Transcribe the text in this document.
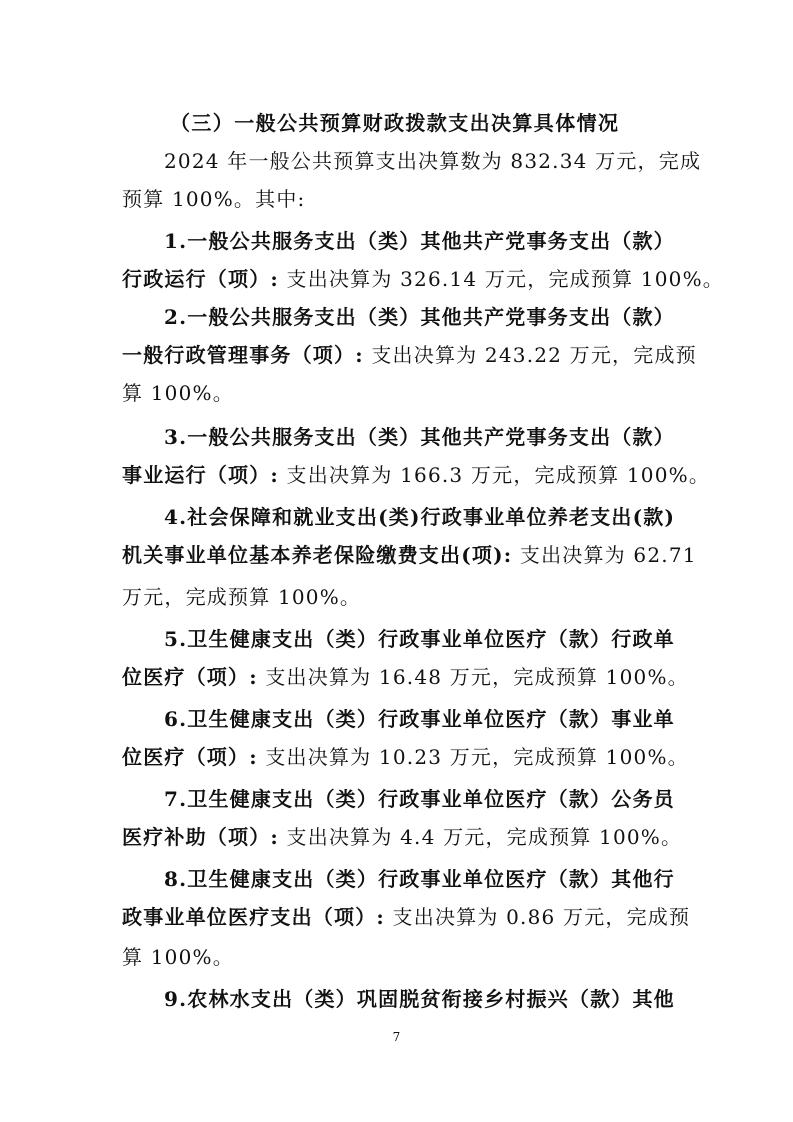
（三）一般公共预算财政拨款支出决算具体情况
2024 年一般公共预算支出决算数为 832.34 万元，完成
预算 100%。其中:
1.一般公共服务支出（类）其他共产党事务支出（款）
行政运行（项）: 支出决算为 326.14 万元，完成预算 100%。
2.一般公共服务支出（类）其他共产党事务支出（款）
一般行政管理事务（项）: 支出决算为 243.22 万元，完成预
算 100%。
3.一般公共服务支出（类）其他共产党事务支出（款）
事业运行（项）: 支出决算为 166.3 万元，完成预算 100%。
4.社会保障和就业支出(类)行政事业单位养老支出(款)
机关事业单位基本养老保险缴费支出(项): 支出决算为 62.71
万元，完成预算 100%。
5.卫生健康支出（类）行政事业单位医疗（款）行政单
位医疗（项）: 支出决算为 16.48 万元，完成预算 100%。
6.卫生健康支出（类）行政事业单位医疗（款）事业单
位医疗（项）: 支出决算为 10.23 万元，完成预算 100%。
7.卫生健康支出（类）行政事业单位医疗（款）公务员
医疗补助（项）: 支出决算为 4.4 万元，完成预算 100%。
8.卫生健康支出（类）行政事业单位医疗（款）其他行
政事业单位医疗支出（项）: 支出决算为 0.86 万元，完成预
算 100%。
9.农林水支出（类）巩固脱贫衔接乡村振兴（款）其他
7
